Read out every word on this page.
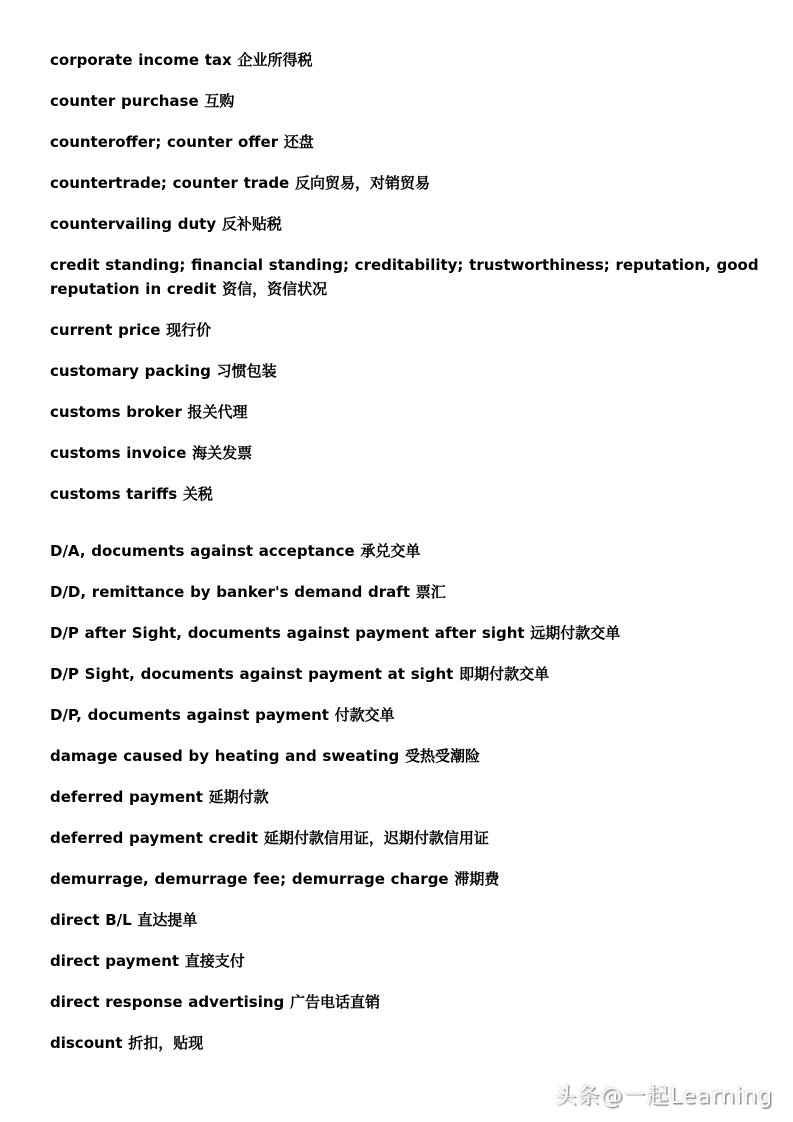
corporate income tax 企业所得税

counter purchase 互购

counteroffer; counter offer 还盘

countertrade; counter trade 反向贸易，对销贸易

countervailing duty 反补贴税

credit standing; financial standing; creditability; trustworthiness; reputation, good reputation in credit 资信，资信状况

current price 现行价

customary packing 习惯包装

customs broker 报关代理

customs invoice 海关发票

customs tariffs 关税

D/A, documents against acceptance 承兑交单

D/D, remittance by banker's demand draft 票汇

D/P after Sight, documents against payment after sight 远期付款交单

D/P Sight, documents against payment at sight 即期付款交单

D/P, documents against payment 付款交单

damage caused by heating and sweating 受热受潮险

deferred payment 延期付款

deferred payment credit 延期付款信用证，迟期付款信用证

demurrage, demurrage fee; demurrage charge 滞期费

direct B/L 直达提单

direct payment 直接支付

direct response advertising 广告电话直销

discount 折扣，贴现

头条@一起Learning
